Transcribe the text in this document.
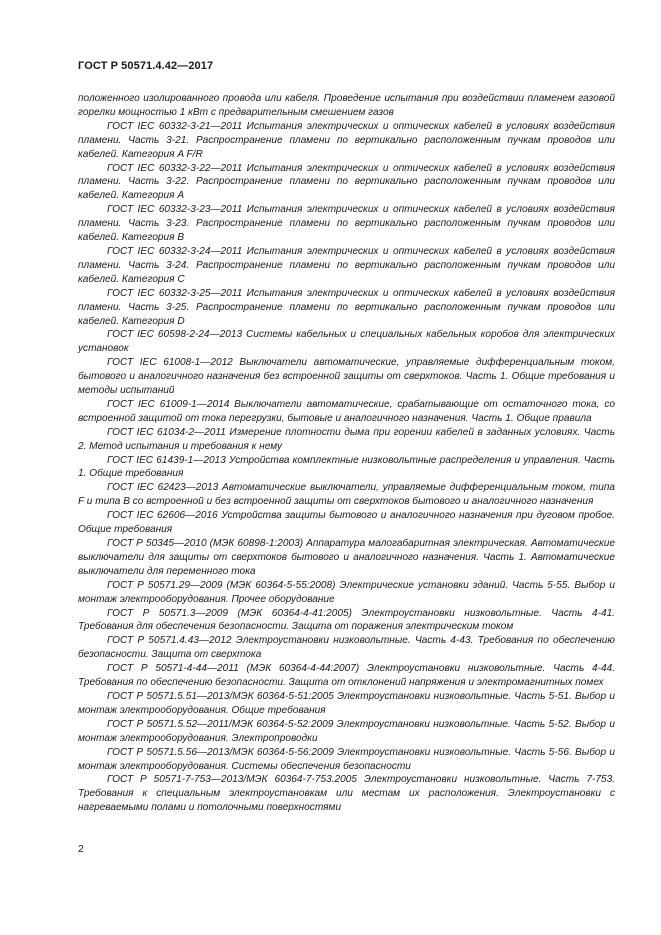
ГОСТ Р 50571.4.42—2017

положенного изолированного провода или кабеля. Проведение испытания при воздействии пламенем газовой горелки мощностью 1 кВт с предварительным смешением газов

ГОСТ IEC 60332-3-21—2011 Испытания электрических и оптических кабелей в условиях воздействия пламени. Часть 3-21. Распространение пламени по вертикально расположенным пучкам проводов или кабелей. Категория A F/R

ГОСТ IEC 60332-3-22—2011 Испытания электрических и оптических кабелей в условиях воздействия пламени. Часть 3-22. Распространение пламени по вертикально расположенным пучкам проводов или кабелей. Категория A

ГОСТ IEC 60332-3-23—2011 Испытания электрических и оптических кабелей в условиях воздействия пламени. Часть 3-23. Распространение пламени по вертикально расположенным пучкам проводов или кабелей. Категория B

ГОСТ IEC 60332-3-24—2011 Испытания электрических и оптических кабелей в условиях воздействия пламени. Часть 3-24. Распространение пламени по вертикально расположенным пучкам проводов или кабелей. Категория C

ГОСТ IEC 60332-3-25—2011 Испытания электрических и оптических кабелей в условиях воздействия пламени. Часть 3-25. Распространение пламени по вертикально расположенным пучкам проводов или кабелей. Категория D

ГОСТ IEC 60598-2-24—2013 Системы кабельных и специальных кабельных коробов для электрических установок

ГОСТ IEC 61008-1—2012 Выключатели автоматические, управляемые дифференциальным током, бытового и аналогичного назначения без встроенной защиты от сверхтоков. Часть 1. Общие требования и методы испытаний

ГОСТ IEC 61009-1—2014 Выключатели автоматические, срабатывающие от остаточного тока, со встроенной защитой от тока перегрузки, бытовые и аналогичного назначения. Часть 1. Общие правила

ГОСТ IEC 61034-2—2011 Измерение плотности дыма при горении кабелей в заданных условиях. Часть 2. Метод испытания и требования к нему

ГОСТ IEC 61439-1—2013 Устройства комплектные низковольтные распределения и управления. Часть 1. Общие требования

ГОСТ IEC 62423—2013 Автоматические выключатели, управляемые дифференциальным током, типа F и типа B со встроенной и без встроенной защиты от сверхтоков бытового и аналогичного назначения

ГОСТ IEC 62606—2016 Устройства защиты бытового и аналогичного назначения при дуговом пробое. Общие требования

ГОСТ Р 50345—2010 (МЭК 60898-1:2003) Аппаратура малогабаритная электрическая. Автоматические выключатели для защиты от сверхтоков бытового и аналогичного назначения. Часть 1. Автоматические выключатели для переменного тока

ГОСТ Р 50571.29—2009 (МЭК 60364-5-55:2008) Электрические установки зданий. Часть 5-55. Выбор и монтаж электрооборудования. Прочее оборудование

ГОСТ Р 50571.3—2009 (МЭК 60364-4-41:2005) Электроустановки низковольтные. Часть 4-41. Требования для обеспечения безопасности. Защита от поражения электрическим током

ГОСТ Р 50571.4.43—2012 Электроустановки низковольтные. Часть 4-43. Требования по обеспечению безопасности. Защита от сверхтока

ГОСТ Р 50571-4-44—2011 (МЭК 60364-4-44:2007) Электроустановки низковольтные. Часть 4-44. Требования по обеспечению безопасности. Защита от отклонений напряжения и электромагнитных помех

ГОСТ Р 50571.5.51—2013/МЭК 60364-5-51:2005 Электроустановки низковольтные. Часть 5-51. Выбор и монтаж электрооборудования. Общие требования

ГОСТ Р 50571.5.52—2011/МЭК 60364-5-52:2009 Электроустановки низковольтные. Часть 5-52. Выбор и монтаж электрооборудования. Электропроводки

ГОСТ Р 50571.5.56—2013/МЭК 60364-5-56:2009 Электроустановки низковольтные. Часть 5-56. Выбор и монтаж электрооборудования. Системы обеспечения безопасности

ГОСТ Р 50571-7-753—2013/МЭК 60364-7-753.2005 Электроустановки низковольтные. Часть 7-753. Требования к специальным электроустановкам или местам их расположения. Электроустановки с нагреваемыми полами и потолочными поверхностями

2
